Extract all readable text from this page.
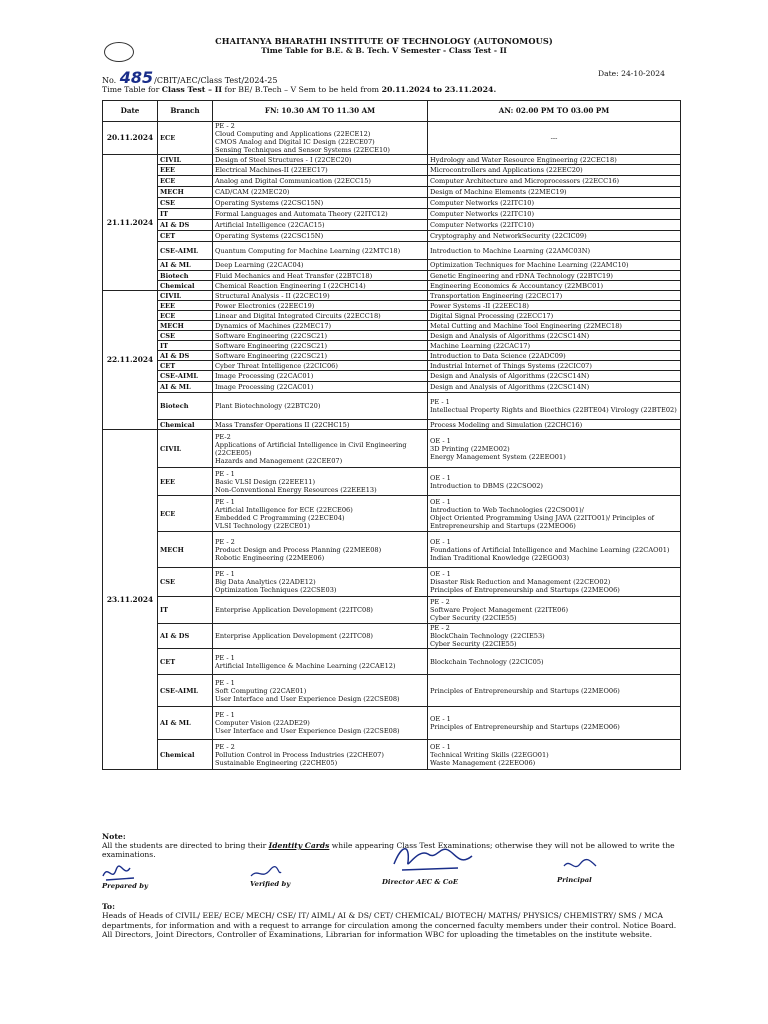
CHAITANYA BHARATHI INSTITUTE OF TECHNOLOGY (AUTONOMOUS)
Time Table for B.E. & B. Tech. V Semester - Class Test - II
No. 485/CBIT/AEC/Class Test/2024-25
Date: 24-10-2024
Time Table for Class Test – II for BE/ B.Tech – V Sem to be held from 20.11.2024 to 23.11.2024.
Date	Branch	FN: 10.30 AM TO 11.30 AM	AN: 02.00 PM TO 03.00 PM
20.11.2024	ECE	PE - 2
Cloud Computing and Applications (22ECE12)
CMOS Analog and Digital IC Design (22ECE07)
Sensing Techniques and Sensor Systems (22ECE10)	---
21.11.2024	CIVIL	Design of Steel Structures - I (22CEC20)	Hydrology and Water Resource Engineering (22CEC18)
	EEE	Electrical Machines-II (22EEC17)	Microcontrollers and Applications (22EEC20)
	ECE	Analog and Digital Communication (22ECC15)	Computer Architecture and Microprocessors (22ECC16)
	MECH	CAD/CAM (22MEC20)	Design of Machine Elements (22MEC19)
	CSE	Operating Systems (22CSC15N)	Computer Networks (22ITC10)
	IT	Formal Languages and Automata Theory (22ITC12)	Computer Networks (22ITC10)
	AI & DS	Artificial Intelligence (22CAC15)	Computer Networks (22ITC10)
	CET	Operating Systems (22CSC15N)	Cryptography and NetworkSecurity (22CIC09)
	CSE-AIML	Quantum Computing for Machine Learning (22MTC18)	Introduction to Machine Learning (22AMC03N)
	AI & ML	Deep Learning (22CAC04)	Optimization Techniques for Machine Learning (22AMC10)
	Biotech	Fluid Mechanics and Heat Transfer (22BTC18)	Genetic Engineering and rDNA Technology (22BTC19)
	Chemical	Chemical Reaction Engineering I (22CHC14)	Engineering Economics & Accountancy (22MBC01)
22.11.2024	CIVIL	Structural Analysis - II (22CEC19)	Transportation Engineering (22CEC17)
	EEE	Power Electronics (22EEC19)	Power Systems -II (22EEC18)
	ECE	Linear and Digital Integrated Circuits (22ECC18)	Digital Signal Processing (22ECC17)
	MECH	Dynamics of Machines (22MEC17)	Metal Cutting and Machine Tool Engineering (22MEC18)
	CSE	Software Engineering (22CSC21)	Design and Analysis of Algorithms (22CSC14N)
	IT	Software Engineering (22CSC21)	Machine Learning (22CAC17)
	AI & DS	Software Engineering (22CSC21)	Introduction to Data Science (22ADC09)
	CET	Cyber Threat Intelligence (22CIC06)	Industrial Internet of Things Systems (22CIC07)
	CSE-AIML	Image Processing (22CAC01)	Design and Analysis of Algorithms (22CSC14N)
	AI & ML	Image Processing (22CAC01)	Design and Analysis of Algorithms (22CSC14N)
	Biotech	Plant Biotechnology (22BTC20)	PE - 1
Intellectual Property Rights and Bioethics (22BTE04) Virology (22BTE02)
	Chemical	Mass Transfer Operations II (22CHC15)	Process Modeling and Simulation (22CHC16)
23.11.2024	CIVIL	PE-2
Applications of Artificial Intelligence in Civil Engineering (22CEE05)
Hazards and Management (22CEE07)	OE - 1
3D Printing (22MEO02)
Energy Management System (22EEO01)
	EEE	PE - 1
Basic VLSI Design (22EEE11)
Non-Conventional Energy Resources (22EEE13)	OE - 1
Introduction to DBMS (22CSO02)
	ECE	PE - 1
Artificial Intelligence for ECE (22ECE06)
Embedded C Programming (22ECE04)
VLSI Technology (22ECE01)	OE - 1
Introduction to Web Technologies (22CSO01)/
Object Oriented Programming Using JAVA (22ITO01)/ Principles of Entrepreneurship and Startups (22MEO06)
	MECH	PE - 2
Product Design and Process Planning (22MEE08)
Robotic Engineering (22MEE06)	OE - 1
Foundations of Artificial Intelligence and Machine Learning (22CAO01)
Indian Traditional Knowledge (22EGO03)
	CSE	PE - 1
Big Data Analytics (22ADE12)
Optimization Techniques (22CSE03)	OE - 1
Disaster Risk Reduction and Management (22CEO02)
Principles of Entrepreneurship and Startups (22MEO06)
	IT	Enterprise Application Development (22ITC08)	PE - 2
Software Project Management (22ITE06)
Cyber Security (22CIE55)
	AI & DS	Enterprise Application Development (22ITC08)	PE - 2
BlockChain Technology (22CIE53)
Cyber Security (22CIE55)
	CET	PE - 1
Artificial Intelligence & Machine Learning (22CAE12)	Blockchain Technology (22CIC05)
	CSE-AIML	PE - 1
Soft Computing (22CAE01)
User Interface and User Experience Design (22CSE08)	Principles of Entrepreneurship and Startups (22MEO06)
	AI & ML	PE - 1
Computer Vision (22ADE29)
User Interface and User Experience Design (22CSE08)	OE - 1
Principles of Entrepreneurship and Startups (22MEO06)
	Chemical	PE - 2
Pollution Control in Process Industries (22CHE07)
Sustainable Engineering (22CHE05)	OE - 1
Technical Writing Skills (22EGO01)
Waste Management (22EEO06)
Note:
All the students are directed to bring their Identity Cards while appearing Class Test Examinations; otherwise they will not be allowed to write the examinations.
Prepared by	Verified by	Director AEC & CoE	Principal
To:
Heads of Heads of CIVIL/ EEE/ ECE/ MECH/ CSE/ IT/ AIML/ AI & DS/ CET/ CHEMICAL/ BIOTECH/ MATHS/ PHYSICS/ CHEMISTRY/ SMS / MCA departments, for information and with a request to arrange for circulation among the concerned faculty members under their control. Notice Board. All Directors, Joint Directors, Controller of Examinations, Librarian for information WBC for uploading the timetables on the institute website.
